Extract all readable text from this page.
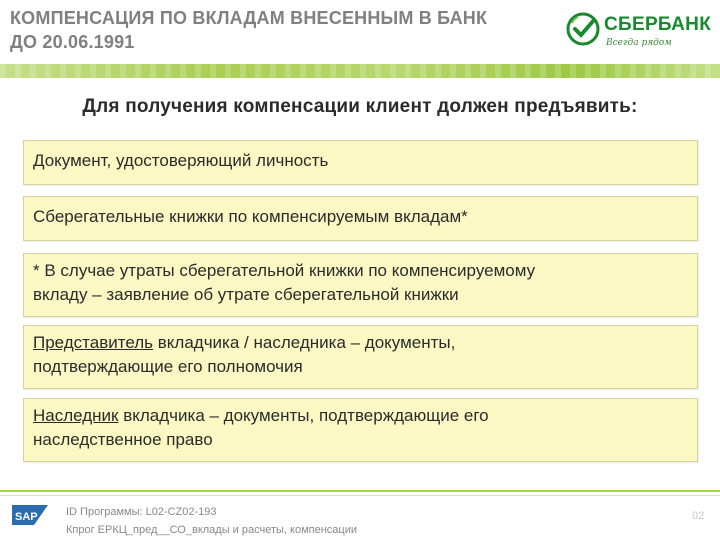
КОМПЕНСАЦИЯ ПО ВКЛАДАМ ВНЕСЕННЫМ В БАНК
ДО 20.06.1991
СБЕРБАНК
Всегда рядом
Для получения компенсации клиент должен предъявить:
Документ, удостоверяющий личность
Сберегательные книжки по компенсируемым вкладам*
* В случае утраты сберегательной книжки по компенсируемому
вкладу – заявление об утрате сберегательной книжки
Представитель вкладчика / наследника – документы,
подтверждающие его полномочия
Наследник вкладчика – документы, подтверждающие его
наследственное право
SAP	ID Программы: L02-CZ02-193
Кпрог ЕРКЦ_пред__СО_вклады и расчеты, компенсации
02
